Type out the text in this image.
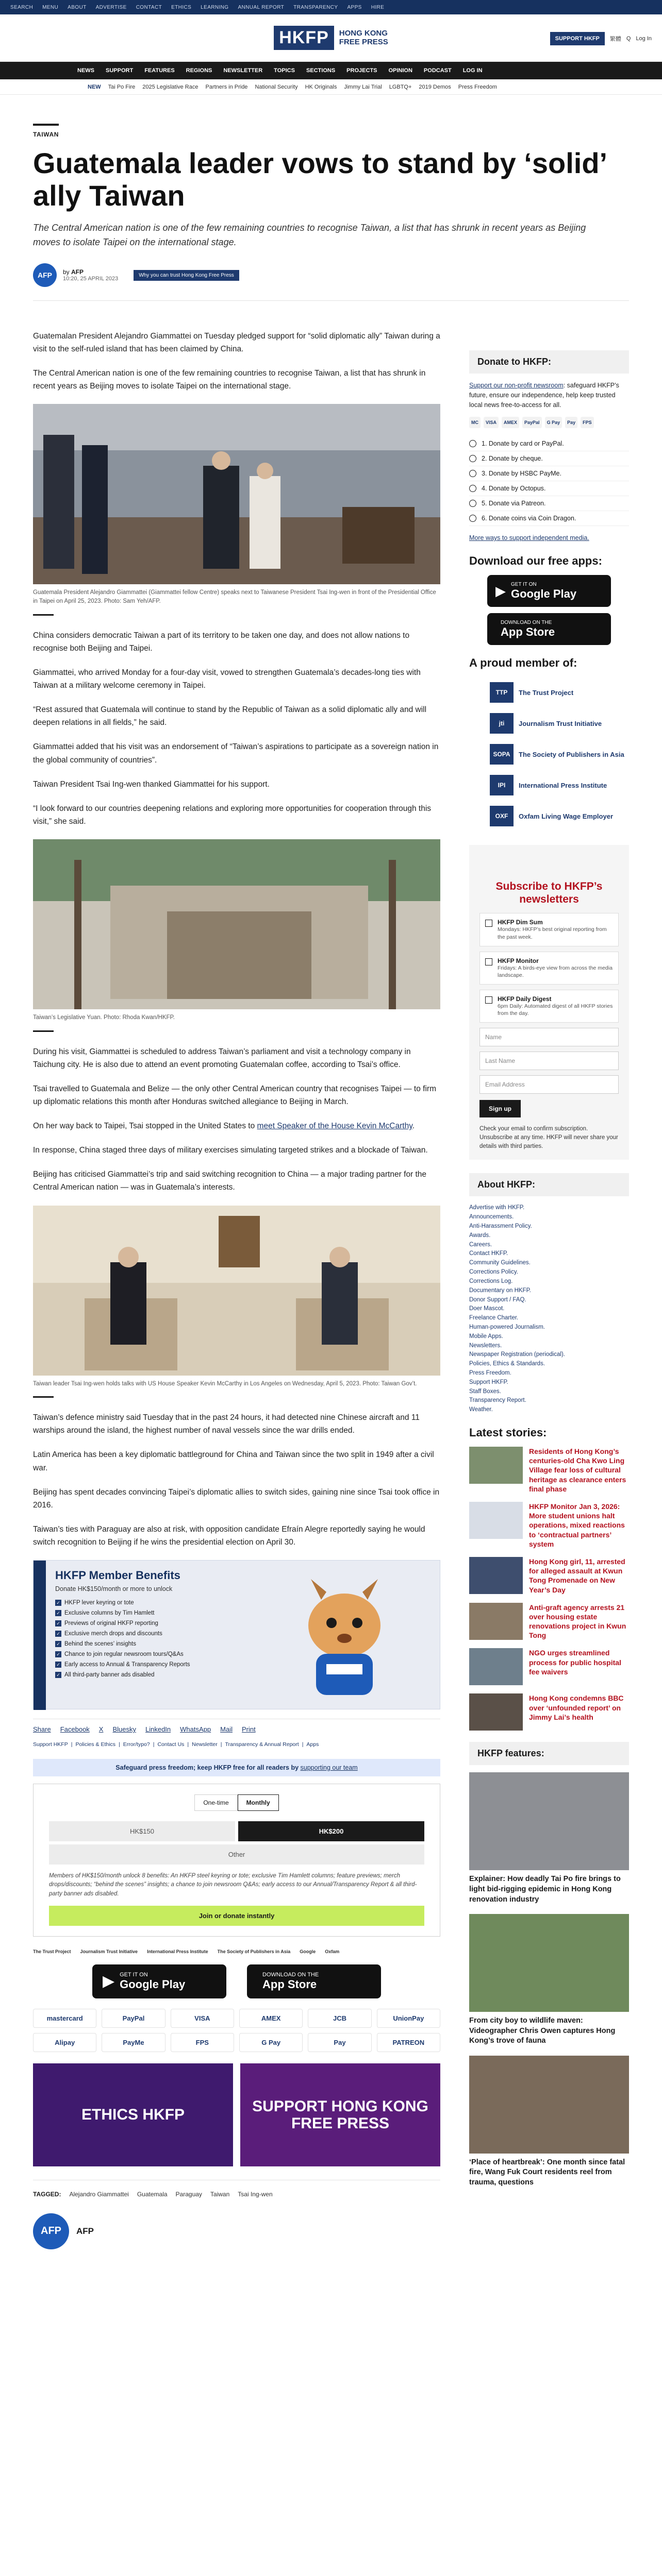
SEARCH MENU ABOUT ADVERTISE CONTACT ETHICS LEARNING ANNUAL REPORT TRANSPARENCY APPS HIRE
HKFP	HONG KONG
FREE PRESS	SUPPORT HKFP	繁體 Q Log In
NEWS SUPPORT FEATURES REGIONS NEWSLETTER TOPICS SECTIONS PROJECTS OPINION PODCAST LOG IN
NEW Tai Po Fire 2025 Legislative Race Partners in Pride National Security HK Originals Jimmy Lai Trial LGBTQ+ 2019 Demos Press Freedom
TAIWAN
Guatemala leader vows to stand by ‘solid’ ally Taiwan

The Central American nation is one of the few remaining countries to recognise Taiwan, a list that has shrunk in recent years as Beijing moves to isolate Taipei on the international stage.

AFP	by AFP
10:20, 25 APRIL 2023
Why you can trust Hong Kong Free Press

Guatemalan President Alejandro Giammattei on Tuesday pledged support for “solid diplomatic ally” Taiwan during a visit to the self-ruled island that has been claimed by China.

The Central American nation is one of the few remaining countries to recognise Taiwan, a list that has shrunk in recent years as Beijing moves to isolate Taipei on the international stage.

Guatemala President Alejandro Giammattei (Giammattei fellow Centre) speaks next to Taiwanese President Tsai Ing-wen in front of the Presidential Office in Taipei on April 25, 2023. Photo: Sam Yeh/AFP.

China considers democratic Taiwan a part of its territory to be taken one day, and does not allow nations to recognise both Beijing and Taipei.

Giammattei, who arrived Monday for a four-day visit, vowed to strengthen Guatemala’s decades-long ties with Taiwan at a military welcome ceremony in Taipei.

“Rest assured that Guatemala will continue to stand by the Republic of Taiwan as a solid diplomatic ally and will deepen relations in all fields,” he said.

Giammattei added that his visit was an endorsement of “Taiwan’s aspirations to participate as a sovereign nation in the global community of countries”.

Taiwan President Tsai Ing-wen thanked Giammattei for his support.

“I look forward to our countries deepening relations and exploring more opportunities for cooperation through this visit,” she said.

Taiwan’s Legislative Yuan. Photo: Rhoda Kwan/HKFP.

During his visit, Giammattei is scheduled to address Taiwan’s parliament and visit a technology company in Taichung city. He is also due to attend an event promoting Guatemalan coffee, according to Tsai’s office.

Tsai travelled to Guatemala and Belize — the only other Central American country that recognises Taipei — to firm up diplomatic relations this month after Honduras switched allegiance to Beijing in March.

On her way back to Taipei, Tsai stopped in the United States to meet Speaker of the House Kevin McCarthy.

In response, China staged three days of military exercises simulating targeted strikes and a blockade of Taiwan.

Beijing has criticised Giammattei’s trip and said switching recognition to China — a major trading partner for the Central American nation — was in Guatemala’s interests.

Taiwan leader Tsai Ing-wen holds talks with US House Speaker Kevin McCarthy in Los Angeles on Wednesday, April 5, 2023. Photo: Taiwan Gov’t.

Taiwan’s defence ministry said Tuesday that in the past 24 hours, it had detected nine Chinese aircraft and 11 warships around the island, the highest number of naval vessels since the war drills ended.

Latin America has been a key diplomatic battleground for China and Taiwan since the two split in 1949 after a civil war.

Beijing has spent decades convincing Taipei’s diplomatic allies to switch sides, gaining nine since Tsai took office in 2016.

Taiwan’s ties with Paraguay are also at risk, with opposition candidate Efraín Alegre reportedly saying he would switch recognition to Beijing if he wins the presidential election on April 30.

HKFP Member Benefits
Donate HK$150/month or more to unlock
✓ HKFP lever keyring or tote
✓ Exclusive columns by Tim Hamlett
✓ Previews of original HKFP reporting
✓ Exclusive merch drops and discounts
✓ Behind the scenes’ insights
✓ Chance to join regular newsroom tours/Q&As
✓ Early access to Annual & Transparency Reports
✓ All third-party banner ads disabled
Share Facebook X Bluesky LinkedIn WhatsApp Mail Print
Support HKFP | Policies & Ethics | Error/typo? | Contact Us | Newsletter | Transparency & Annual Report | Apps
Safeguard press freedom; keep HKFP free for all readers by supporting our team
One-time	Monthly
HK$150	HK$200
Other
Members of HK$150/month unlock 8 benefits: An HKFP steel keyring or tote; exclusive Tim Hamlett columns; feature previews; merch drops/discounts; “behind the scenes” insights; a chance to join newsroom Q&As; early access to our Annual/Transparency Report & all third-party banner ads disabled.
Join or donate instantly
The Trust Project Journalism Trust Initiative International Press Institute The Society of Publishers in Asia Google Oxfam
▶ GET IT ON
Google Play
DOWNLOAD ON THE
App Store
mastercard	PayPal	VISA	AMEX	JCB	UnionPay
Alipay	PayMe	FPS	G Pay	Pay	PATREON
ETHICS HKFP	SUPPORT HONG KONG FREE PRESS
TAGGED: Alejandro Giammattei Guatemala Paraguay Taiwan Tsai Ing-wen
AFP	AFP
Donate to HKFP:
Support our non-profit newsroom: safeguard HKFP’s future, ensure our independence, help keep trusted local news free-to-access for all.
MC	VISA	AMEX	PayPal	G Pay	Pay	FPS
1. Donate by card or PayPal.
2. Donate by cheque.
3. Donate by HSBC PayMe.
4. Donate by Octopus.
5. Donate via Patreon.
6. Donate coins via Coin Dragon.
More ways to support independent media.
Download our free apps:
▶ GET IT ON
Google Play
DOWNLOAD ON THE
App Store
A proud member of:
TTP	The Trust Project
jti	Journalism Trust Initiative
SOPA	The Society of Publishers in Asia
IPI	International Press Institute
OXF	Oxfam Living Wage Employer
Subscribe to HKFP’s newsletters
HKFP Dim Sum
Mondays: HKFP’s best original reporting from the past week.
HKFP Monitor
Fridays: A birds-eye view from across the media landscape.
HKFP Daily Digest
6pm Daily: Automated digest of all HKFP stories from the day.
Name
Last Name
Email Address
Sign up
Check your email to confirm subscription. Unsubscribe at any time. HKFP will never share your details with third parties.
About HKFP:
Advertise with HKFP.
Announcements.
Anti-Harassment Policy.
Awards.
Careers.
Contact HKFP.
Community Guidelines.
Corrections Policy.
Corrections Log.
Documentary on HKFP.
Donor Support / FAQ.
Doer Mascot.
Freelance Charter.
Human-powered Journalism.
Mobile Apps.
Newsletters.
Newspaper Registration (periodical).
Policies, Ethics & Standards.
Press Freedom.
Support HKFP.
Staff Boxes.
Transparency Report.
Weather.
Latest stories:
Residents of Hong Kong’s centuries-old Cha Kwo Ling Village fear loss of cultural heritage as clearance enters final phase
HKFP Monitor Jan 3, 2026: More student unions halt operations, mixed reactions to ‘contractual partners’ system
Hong Kong girl, 11, arrested for alleged assault at Kwun Tong Promenade on New Year’s Day
Anti-graft agency arrests 21 over housing estate renovations project in Kwun Tong
NGO urges streamlined process for public hospital fee waivers
Hong Kong condemns BBC over ‘unfounded report’ on Jimmy Lai’s health
HKFP features:
Explainer: How deadly Tai Po fire brings to light bid-rigging epidemic in Hong Kong renovation industry
From city boy to wildlife maven: Videographer Chris Owen captures Hong Kong’s trove of fauna
‘Place of heartbreak’: One month since fatal fire, Wang Fuk Court residents reel from trauma, questions
